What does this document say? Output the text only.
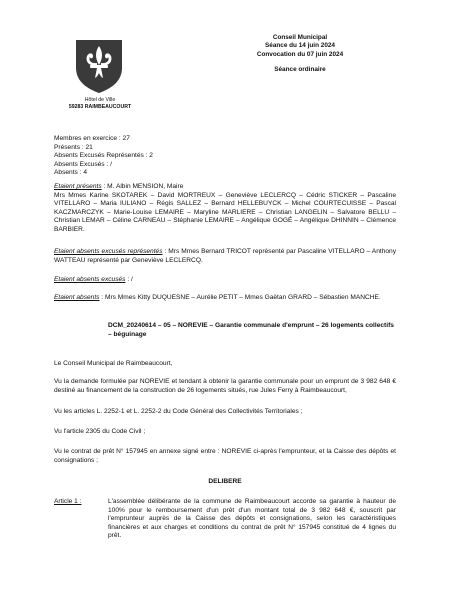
Hôtel de Ville
59283 RAIMBEAUCOURT
Conseil Municipal
Séance du 14 juin 2024
Convocation du 07 juin 2024
Séance ordinaire
Membres en exercice : 27
Présents : 21
Absents Excusés Représentés : 2
Absents Excusés : /
Absents : 4
Etaient présents : M. Albin MENSION, Maire
Mrs Mmes Karine SKOTAREK – David MORTREUX – Geneviève LECLERCQ – Cédric STICKER – Pascaline VITELLARO – Maria IULIANO – Régis SALLEZ – Bernard HELLEBUYCK – Michel COURTECUISSE – Pascal KACZMARCZYK – Marie-Louise LEMAIRE – Maryline MARLIERE – Christian LANGELIN – Salvatore BELLU – Christian LEMAR – Céline CARNEAU – Stéphanie LEMAIRE – Angélique GOGÉ – Angélique DHINNIN – Clémence BARBIER.
Etaient absents excusés représentés : Mrs Mmes Bernard TRICOT représenté par Pascaline VITELLARO – Anthony WATTEAU représenté par Geneviève LECLERCQ.
Etaient absents excusés : /
Etaient absents : Mrs Mmes Kitty DUQUESNE – Aurélie PETIT – Mmes Gaëtan GRARD – Sébastien MANCHE.
DCM_20240614 – 05 – NOREVIE – Garantie communale d'emprunt – 26 logements collectifs – béguinage
Le Conseil Municipal de Raimbeaucourt,
Vu la demande formulée par NOREVIE et tendant à obtenir la garantie communale pour un emprunt de 3 982 648 € destiné au financement de la construction de 26 logements situés, rue Jules Ferry à Raimbeaucourt,
Vu les articles L. 2252-1 et L. 2252-2 du Code Général des Collectivités Territoriales ;
Vu l'article 2305 du Code Civil ;
Vu le contrat de prêt N° 157945 en annexe signé entre : NOREVIE ci-après l'emprunteur, et la Caisse des dépôts et consignations ;
DELIBERE
Article 1 :	L'assemblée délibérante de la commune de Raimbeaucourt accorde sa garantie à hauteur de 100% pour le remboursement d'un prêt d'un montant total de 3 982 648 €, souscrit par l'emprunteur auprès de la Caisse des dépôts et consignations, selon les caractéristiques financières et aux charges et conditions du contrat de prêt N° 157945 constitué de 4 lignes du prêt.
